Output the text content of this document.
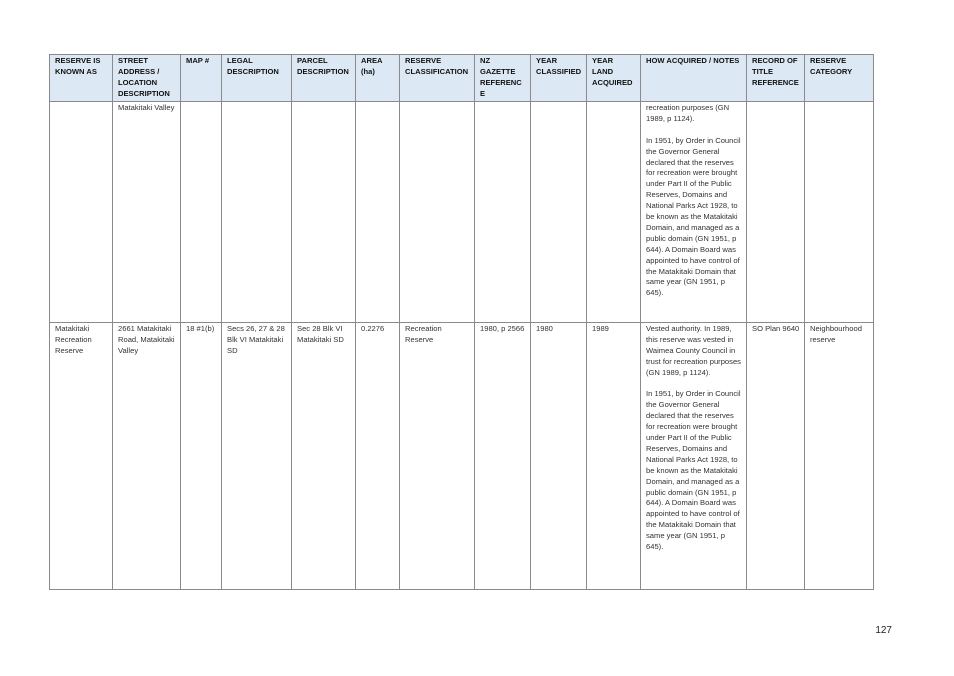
RESERVE IS KNOWN AS	STREET ADDRESS / LOCATION DESCRIPTION	MAP #	LEGAL DESCRIPTION	PARCEL DESCRIPTION	AREA (ha)	RESERVE CLASSIFICATION	NZ GAZETTE REFERENCE	YEAR CLASSIFIED	YEAR LAND ACQUIRED	HOW ACQUIRED / NOTES	RECORD OF TITLE REFERENCE	RESERVE CATEGORY
	Matakitaki Valley									recreation purposes (GN 1989, p 1124).
In 1951, by Order in Council the Governor General declared that the reserves for recreation were brought under Part II of the Public Reserves, Domains and National Parks Act 1928, to be known as the Matakitaki Domain, and managed as a public domain (GN 1951, p 644). A Domain Board was appointed to have control of the Matakitaki Domain that same year (GN 1951, p 645).		

Matakitaki Recreation Reserve	2661 Matakitaki Road, Matakitaki Valley	18 #1(b)	Secs 26, 27 & 28 Blk VI Matakitaki SD	Sec 28 Blk VI Matakitaki SD	0.2276	Recreation Reserve	1980, p 2566	1980	1989	Vested authority. In 1989, this reserve was vested in Waimea County Council in trust for recreation purposes (GN 1989, p 1124).
In 1951, by Order in Council the Governor General declared that the reserves for recreation were brought under Part II of the Public Reserves, Domains and National Parks Act 1928, to be known as the Matakitaki Domain, and managed as a public domain (GN 1951, p 644). A Domain Board was appointed to have control of the Matakitaki Domain that same year (GN 1951, p 645).	SO Plan 9640	Neighbourhood reserve
127
